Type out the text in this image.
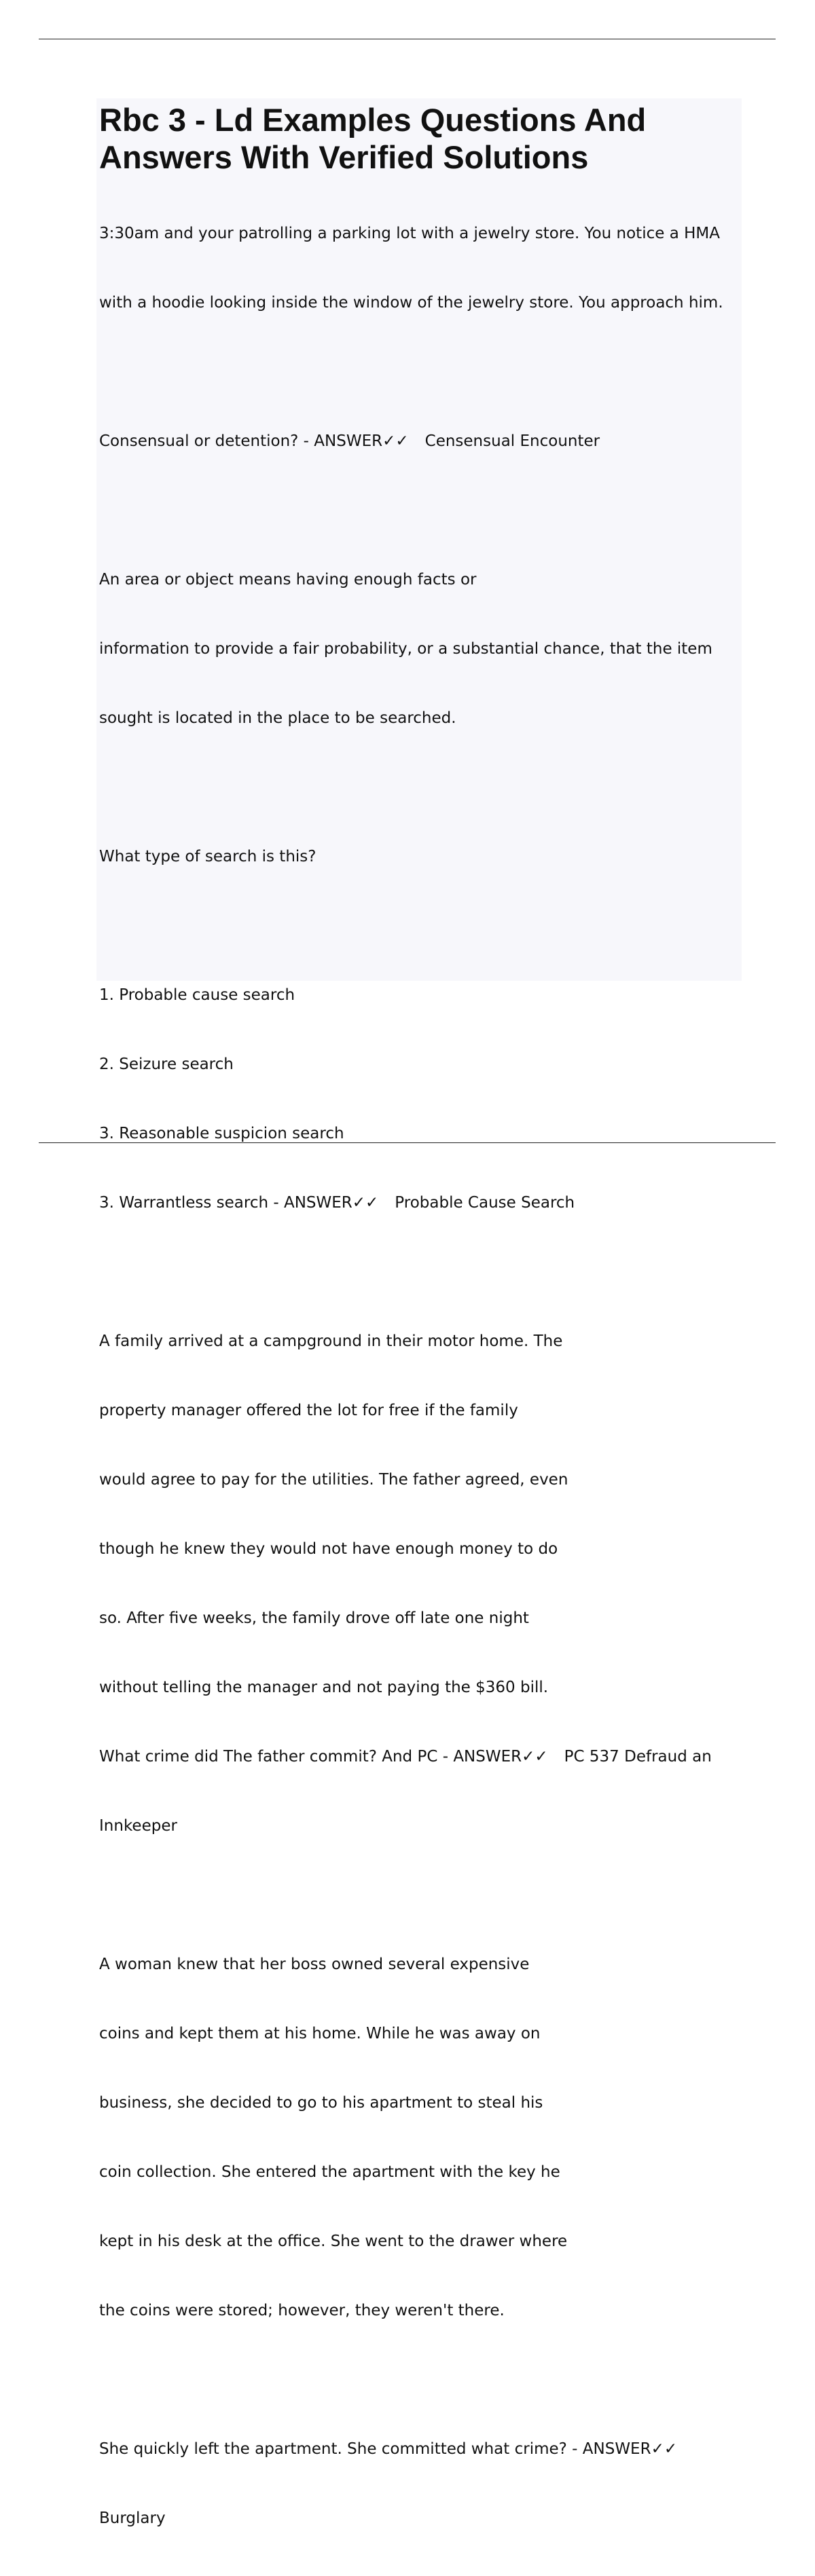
Rbc 3 - Ld Examples Questions And
Answers With Verified Solutions

3:30am and your patrolling a parking lot with a jewelry store. You notice a HMA

with a hoodie looking inside the window of the jewelry store. You approach him.

Consensual or detention? - ANSWER✓✓ Censensual Encounter

An area or object means having enough facts or

information to provide a fair probability, or a substantial chance, that the item

sought is located in the place to be searched.

What type of search is this?

1. Probable cause search

2. Seizure search

3. Reasonable suspicion search

3. Warrantless search - ANSWER✓✓ Probable Cause Search

A family arrived at a campground in their motor home. The

property manager offered the lot for free if the family

would agree to pay for the utilities. The father agreed, even

though he knew they would not have enough money to do

so. After five weeks, the family drove off late one night

without telling the manager and not paying the $360 bill.

What crime did The father commit? And PC - ANSWER✓✓ PC 537 Defraud an

Innkeeper

A woman knew that her boss owned several expensive

coins and kept them at his home. While he was away on

business, she decided to go to his apartment to steal his

coin collection. She entered the apartment with the key he

kept in his desk at the office. She went to the drawer where

the coins were stored; however, they weren't there.

She quickly left the apartment. She committed what crime? - ANSWER✓✓

Burglary
